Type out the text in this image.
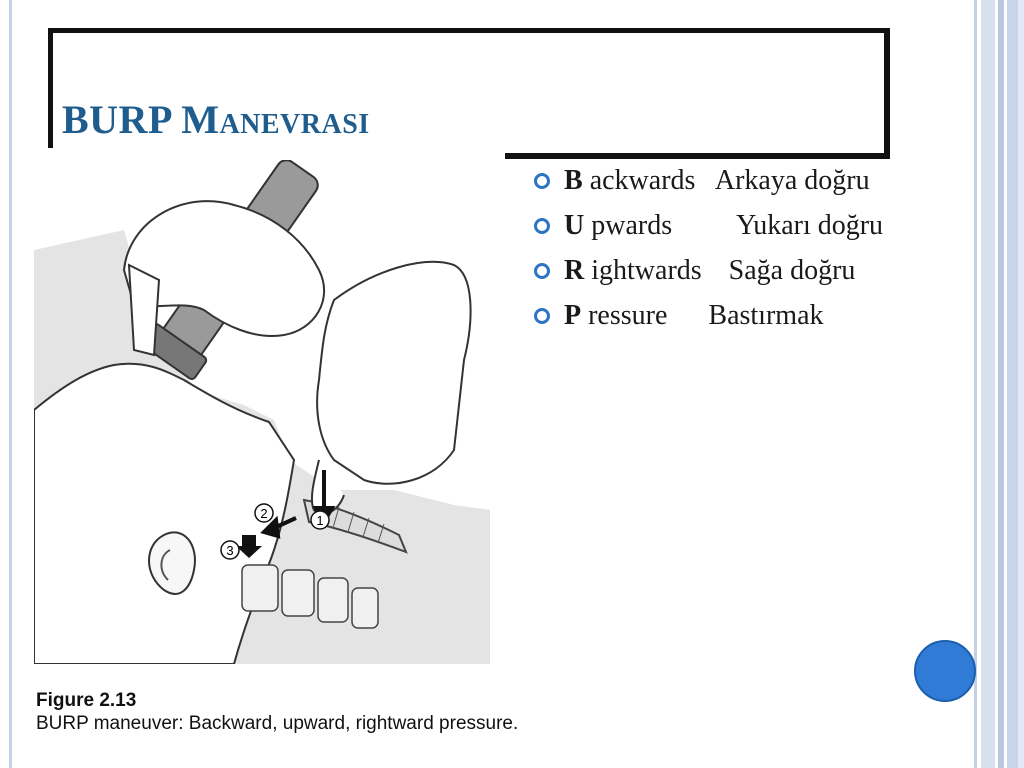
BURP Manevrasi
B ackwards Arkaya doğru
U pwards Yukarı doğru
R ightwards Sağa doğru
P ressure Bastırmak
1
2
3
Figure 2.13
BURP maneuver: Backward, upward, rightward pressure.
